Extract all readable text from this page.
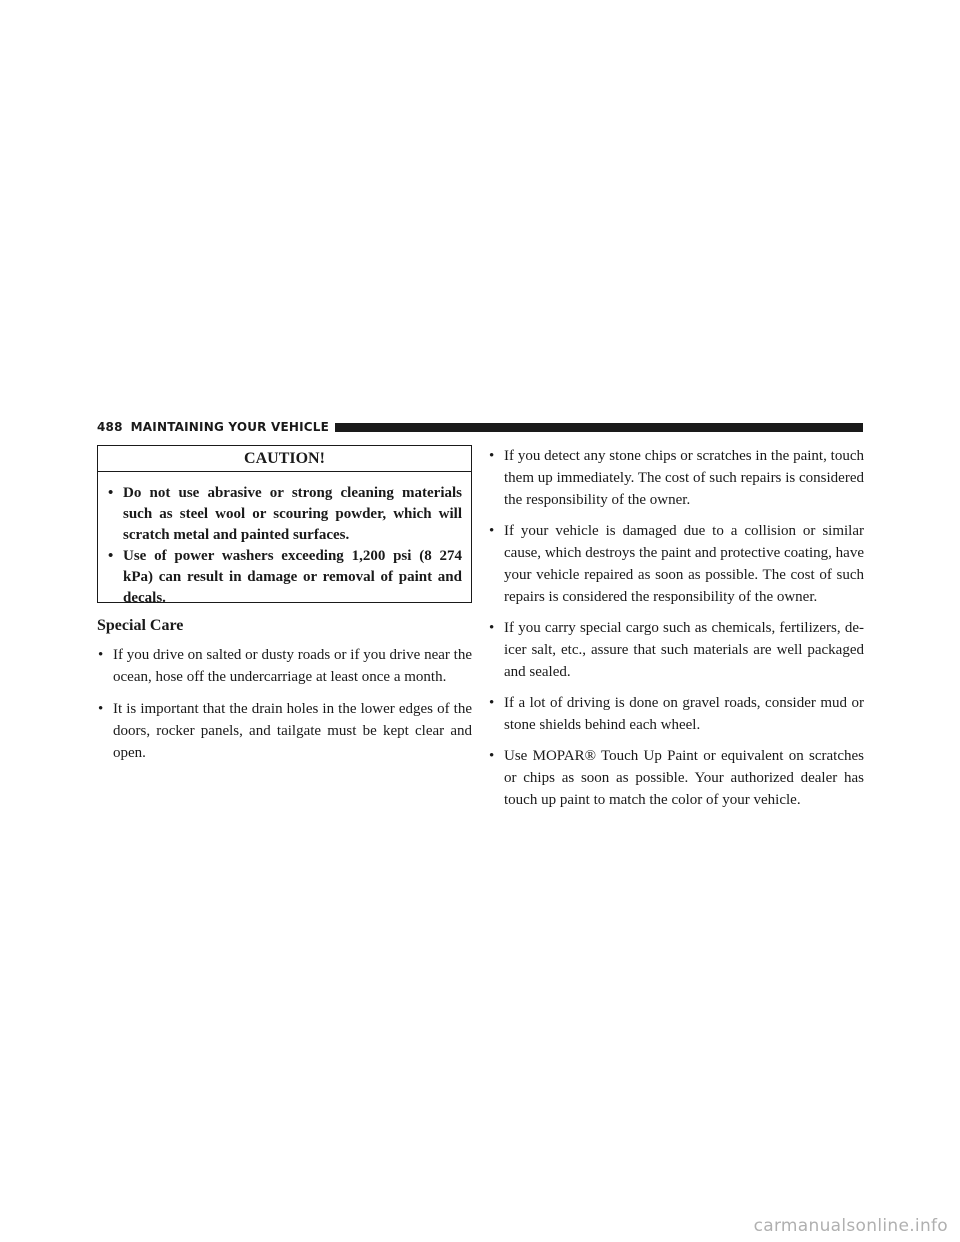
488 MAINTAINING YOUR VEHICLE
CAUTION!
• Do not use abrasive or strong cleaning materials such as steel wool or scouring powder, which will scratch metal and painted surfaces.
• Use of power washers exceeding 1,200 psi (8 274 kPa) can result in damage or removal of paint and decals.
Special Care
• If you drive on salted or dusty roads or if you drive near the ocean, hose off the undercarriage at least once a month.
• It is important that the drain holes in the lower edges of the doors, rocker panels, and tailgate must be kept clear and open.
• If you detect any stone chips or scratches in the paint, touch them up immediately. The cost of such repairs is considered the responsibility of the owner.
• If your vehicle is damaged due to a collision or similar cause, which destroys the paint and protective coating, have your vehicle repaired as soon as possible. The cost of such repairs is considered the responsibility of the owner.
• If you carry special cargo such as chemicals, fertilizers, de-icer salt, etc., assure that such materials are well packaged and sealed.
• If a lot of driving is done on gravel roads, consider mud or stone shields behind each wheel.
• Use MOPAR® Touch Up Paint or equivalent on scratches or chips as soon as possible. Your authorized dealer has touch up paint to match the color of your vehicle.
carmanualsonline.info
